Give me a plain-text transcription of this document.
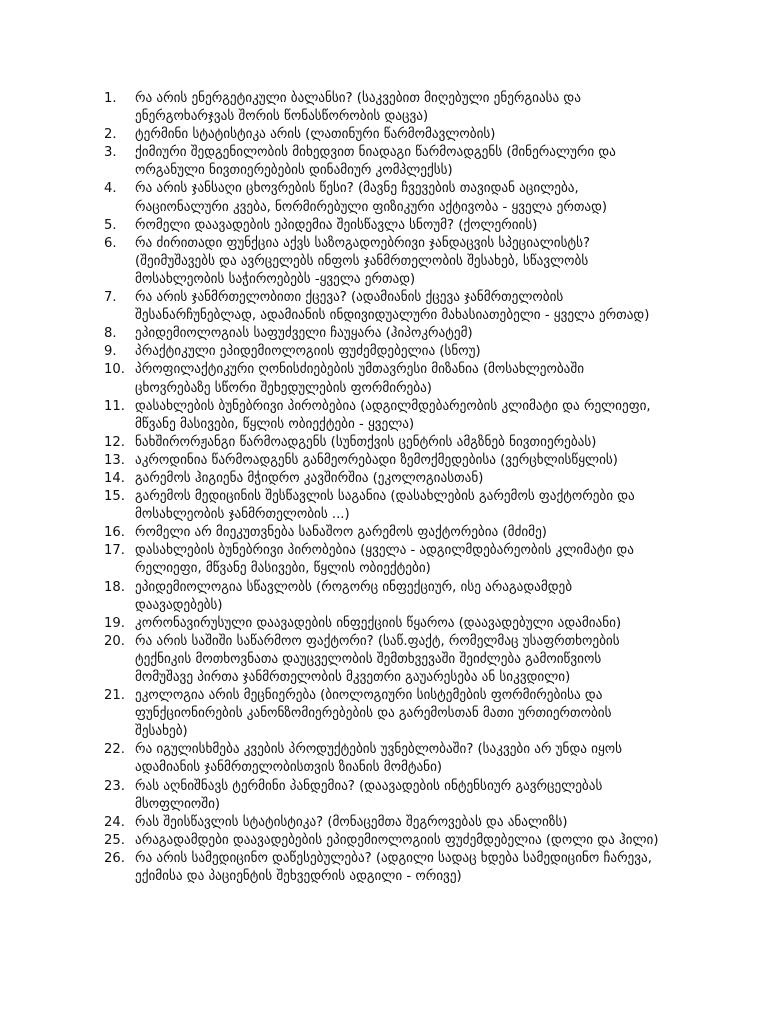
1. რა არის ენერგეტიკული ბალანსი? (საკვებით მიღებული ენერგიასა და
ენერგოხარჯვას შორის წონასწორობის დაცვა)
2. ტერმინი სტატისტიკა არის (ლათინური წარმომავლობის)
3. ქიმიური შედგენილობის მიხედვით ნიადაგი წარმოადგენს (მინერალური და
ორგანული ნივთიერებების დინამიურ კომპლექსს)
4. რა არის ჯანსაღი ცხოვრების წესი? (მავნე ჩვევების თავიდან აცილება,
რაციონალური კვება, ნორმირებული ფიზიკური აქტივობა - ყველა ერთად)
5. რომელი დაავადების ეპიდემია შეისწავლა სნოუმ? (ქოლერიის)
6. რა ძირითადი ფუნქცია აქვს საზოგადოებრივი ჯანდაცვის სპეციალისტს?
(შეიმუშავებს და ავრცელებს ინფოს ჯანმრთელობის შესახებ, სწავლობს
მოსახლეობის საჭიროებებს -ყველა ერთად)
7. რა არის ჯანმრთელობითი ქცევა? (ადამიანის ქცევა ჯანმრთელობის
შესანარჩუნებლად, ადამიანის ინდივიდუალური მახასიათებელი - ყველა ერთად)
8. ეპიდემიოლოგიას საფუძველი ჩაუყარა (ჰიპოკრატემ)
9. პრაქტიკული ეპიდემიოლოგიის ფუძემდებელია (სნოუ)
10. პროფილაქტიკური ღონისძიებების უმთავრესი მიზანია (მოსახლეობაში
ცხოვრებაზე სწორი შეხედულების ფორმირება)
11. დასახლების ბუნებრივი პირობებია (ადგილმდებარეობის კლიმატი და რელიეფი,
მწვანე მასივები, წყლის ობიექტები - ყველა)
12. ნახშირორჟანგი წარმოადგენს (სუნთქვის ცენტრის ამგზნებ ნივთიერებას)
13. აკროდინია წარმოადგენს განმეორებადი ზემოქმედებისა (ვერცხლისწყლის)
14. გარემოს ჰიგიენა მჭიდრო კავშირშია (ეკოლოგიასთან)
15. გარემოს მედიცინის შესწავლის საგანია (დასახლების გარემოს ფაქტორები და
მოსახლეობის ჯანმრთელობის ...)
16. რომელი არ მიეკუთვნება სანაშოო გარემოს ფაქტორებია (მძიმე)
17. დასახლების ბუნებრივი პირობებია (ყველა - ადგილმდებარეობის კლიმატი და
რელიეფი, მწვანე მასივები, წყლის ობიექტები)
18. ეპიდემიოლოგია სწავლობს (როგორც ინფექციურ, ისე არაგადამდებ
დაავადებებს)
19. კორონავირუსული დაავადების ინფექციის წყაროა (დაავადებული ადამიანი)
20. რა არის საშიში საწარმოო ფაქტორი? (საწ.ფაქტ, რომელმაც უსაფრთხოების
ტექნიკის მოთხოვნათა დაუცველობის შემთხვევაში შეიძლება გამოიწვიოს
მომუშავე პირთა ჯანმრთელობის მკვეთრი გაუარესება ან სიკვდილი)
21. ეკოლოგია არის მეცნიერება (ბიოლოგიური სისტემების ფორმირებისა და
ფუნქციონირების კანონზომიერებების და გარემოსთან მათი ურთიერთობის
შესახებ)
22. რა იგულისხმება კვების პროდუქტების უვნებლობაში? (საკვები არ უნდა იყოს
ადამიანის ჯანმრთელობისთვის ზიანის მომტანი)
23. რას აღნიშნავს ტერმინი პანდემია? (დაავადების ინტენსიურ გავრცელებას
მსოფლიოში)
24. რას შეისწავლის სტატისტიკა? (მონაცემთა შეგროვებას და ანალიზს)
25. არაგადამდები დაავადებების ეპიდემიოლოგიის ფუძემდებელია (დოლი და ჰილი)
26. რა არის სამედიცინო დაწესებულება? (ადგილი სადაც ხდება სამედიცინო ჩარევა,
ექიმისა და პაციენტის შეხვედრის ადგილი - ორივე)
